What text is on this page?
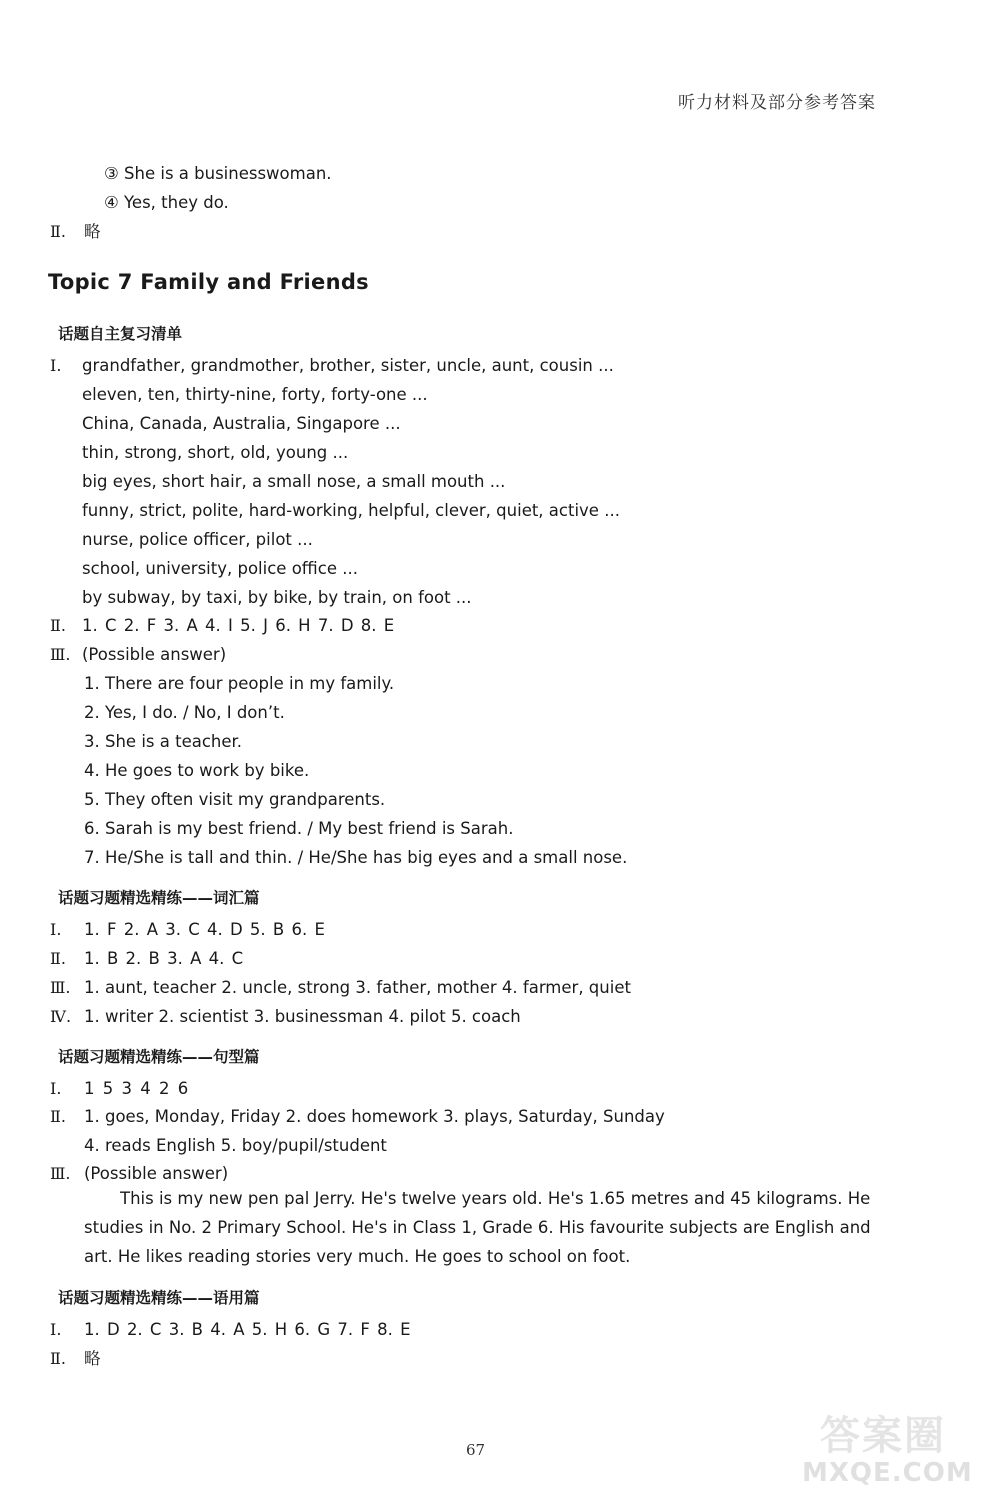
听力材料及部分参考答案
③ She is a businesswoman.
④ Yes, they do.
Ⅱ. 略
Topic 7 Family and Friends
话题自主复习清单
Ⅰ. grandfather, grandmother, brother, sister, uncle, aunt, cousin ...
eleven, ten, thirty-nine, forty, forty-one ...
China, Canada, Australia, Singapore ...
thin, strong, short, old, young ...
big eyes, short hair, a small nose, a small mouth ...
funny, strict, polite, hard-working, helpful, clever, quiet, active ...
nurse, police officer, pilot ...
school, university, police office ...
by subway, by taxi, by bike, by train, on foot ...
Ⅱ. 1. C 2. F 3. A 4. I 5. J 6. H 7. D 8. E
Ⅲ. (Possible answer)
1. There are four people in my family.
2. Yes, I do. / No, I don’t.
3. She is a teacher.
4. He goes to work by bike.
5. They often visit my grandparents.
6. Sarah is my best friend. / My best friend is Sarah.
7. He/She is tall and thin. / He/She has big eyes and a small nose.
话题习题精选精练——词汇篇
Ⅰ. 1. F 2. A 3. C 4. D 5. B 6. E
Ⅱ. 1. B 2. B 3. A 4. C
Ⅲ. 1. aunt, teacher 2. uncle, strong 3. father, mother 4. farmer, quiet
Ⅳ. 1. writer 2. scientist 3. businessman 4. pilot 5. coach
话题习题精选精练——句型篇
Ⅰ. 1 5 3 4 2 6
Ⅱ. 1. goes, Monday, Friday 2. does homework 3. plays, Saturday, Sunday
4. reads English 5. boy/pupil/student
Ⅲ. (Possible answer)
This is my new pen pal Jerry. He's twelve years old. He's 1.65 metres and 45 kilograms. He studies in No. 2 Primary School. He's in Class 1, Grade 6. His favourite subjects are English and art. He likes reading stories very much. He goes to school on foot.
话题习题精选精练——语用篇
Ⅰ. 1. D 2. C 3. B 4. A 5. H 6. G 7. F 8. E
Ⅱ. 略
67	答案圈
MXQE.COM
